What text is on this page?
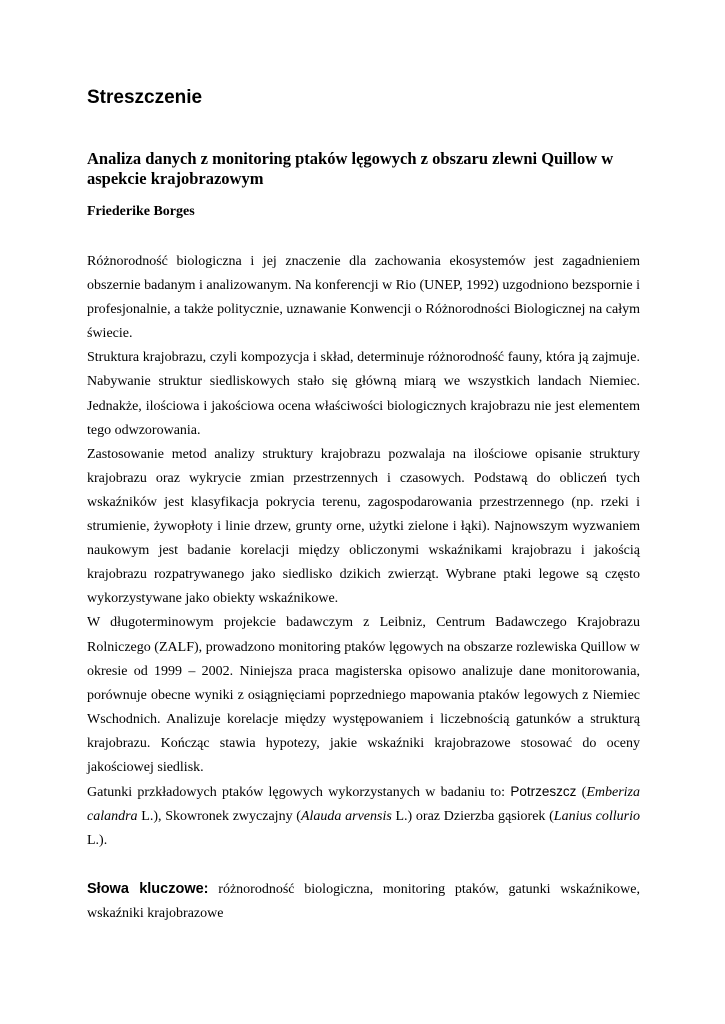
Streszczenie
Analiza danych z monitoring ptaków lęgowych z obszaru zlewni Quillow w aspekcie krajobrazowym

Friederike Borges

Różnorodność biologiczna i jej znaczenie dla zachowania ekosystemów jest zagadnieniem obszernie badanym i analizowanym. Na konferencji w Rio (UNEP, 1992) uzgodniono bezspornie i profesjonalnie, a także politycznie, uznawanie Konwencji o Różnorodności Biologicznej na całym świecie.

Struktura krajobrazu, czyli kompozycja i skład, determinuje różnorodność fauny, która ją zajmuje. Nabywanie struktur siedliskowych stało się główną miarą we wszystkich landach Niemiec. Jednakże, ilościowa i jakościowa ocena właściwości biologicznych krajobrazu nie jest elementem tego odwzorowania.

Zastosowanie metod analizy struktury krajobrazu pozwalaja na ilościowe opisanie struktury krajobrazu oraz wykrycie zmian przestrzennych i czasowych. Podstawą do obliczeń tych wskaźników jest klasyfikacja pokrycia terenu, zagospodarowania przestrzennego (np. rzeki i strumienie, żywopłoty i linie drzew, grunty orne, użytki zielone i łąki). Najnowszym wyzwaniem naukowym jest badanie korelacji między obliczonymi wskaźnikami krajobrazu i jakością krajobrazu rozpatrywanego jako siedlisko dzikich zwierząt. Wybrane ptaki legowe są często wykorzystywane jako obiekty wskaźnikowe.

W długoterminowym projekcie badawczym z Leibniz, Centrum Badawczego Krajobrazu Rolniczego (ZALF), prowadzono monitoring ptaków lęgowych na obszarze rozlewiska Quillow w okresie od 1999 – 2002. Niniejsza praca magisterska opisowo analizuje dane monitorowania, porównuje obecne wyniki z osiągnięciami poprzedniego mapowania ptaków legowych z Niemiec Wschodnich. Analizuje korelacje między występowaniem i liczebnością gatunków a strukturą krajobrazu. Kończąc stawia hypotezy, jakie wskaźniki krajobrazowe stosować do oceny jakościowej siedlisk.

Gatunki przkładowych ptaków lęgowych wykorzystanych w badaniu to: Potrzeszcz (Emberiza calandra L.), Skowronek zwyczajny (Alauda arvensis L.) oraz Dzierzba gąsiorek (Lanius collurio L.).

Słowa kluczowe: różnorodność biologiczna, monitoring ptaków, gatunki wskaźnikowe, wskaźniki krajobrazowe
